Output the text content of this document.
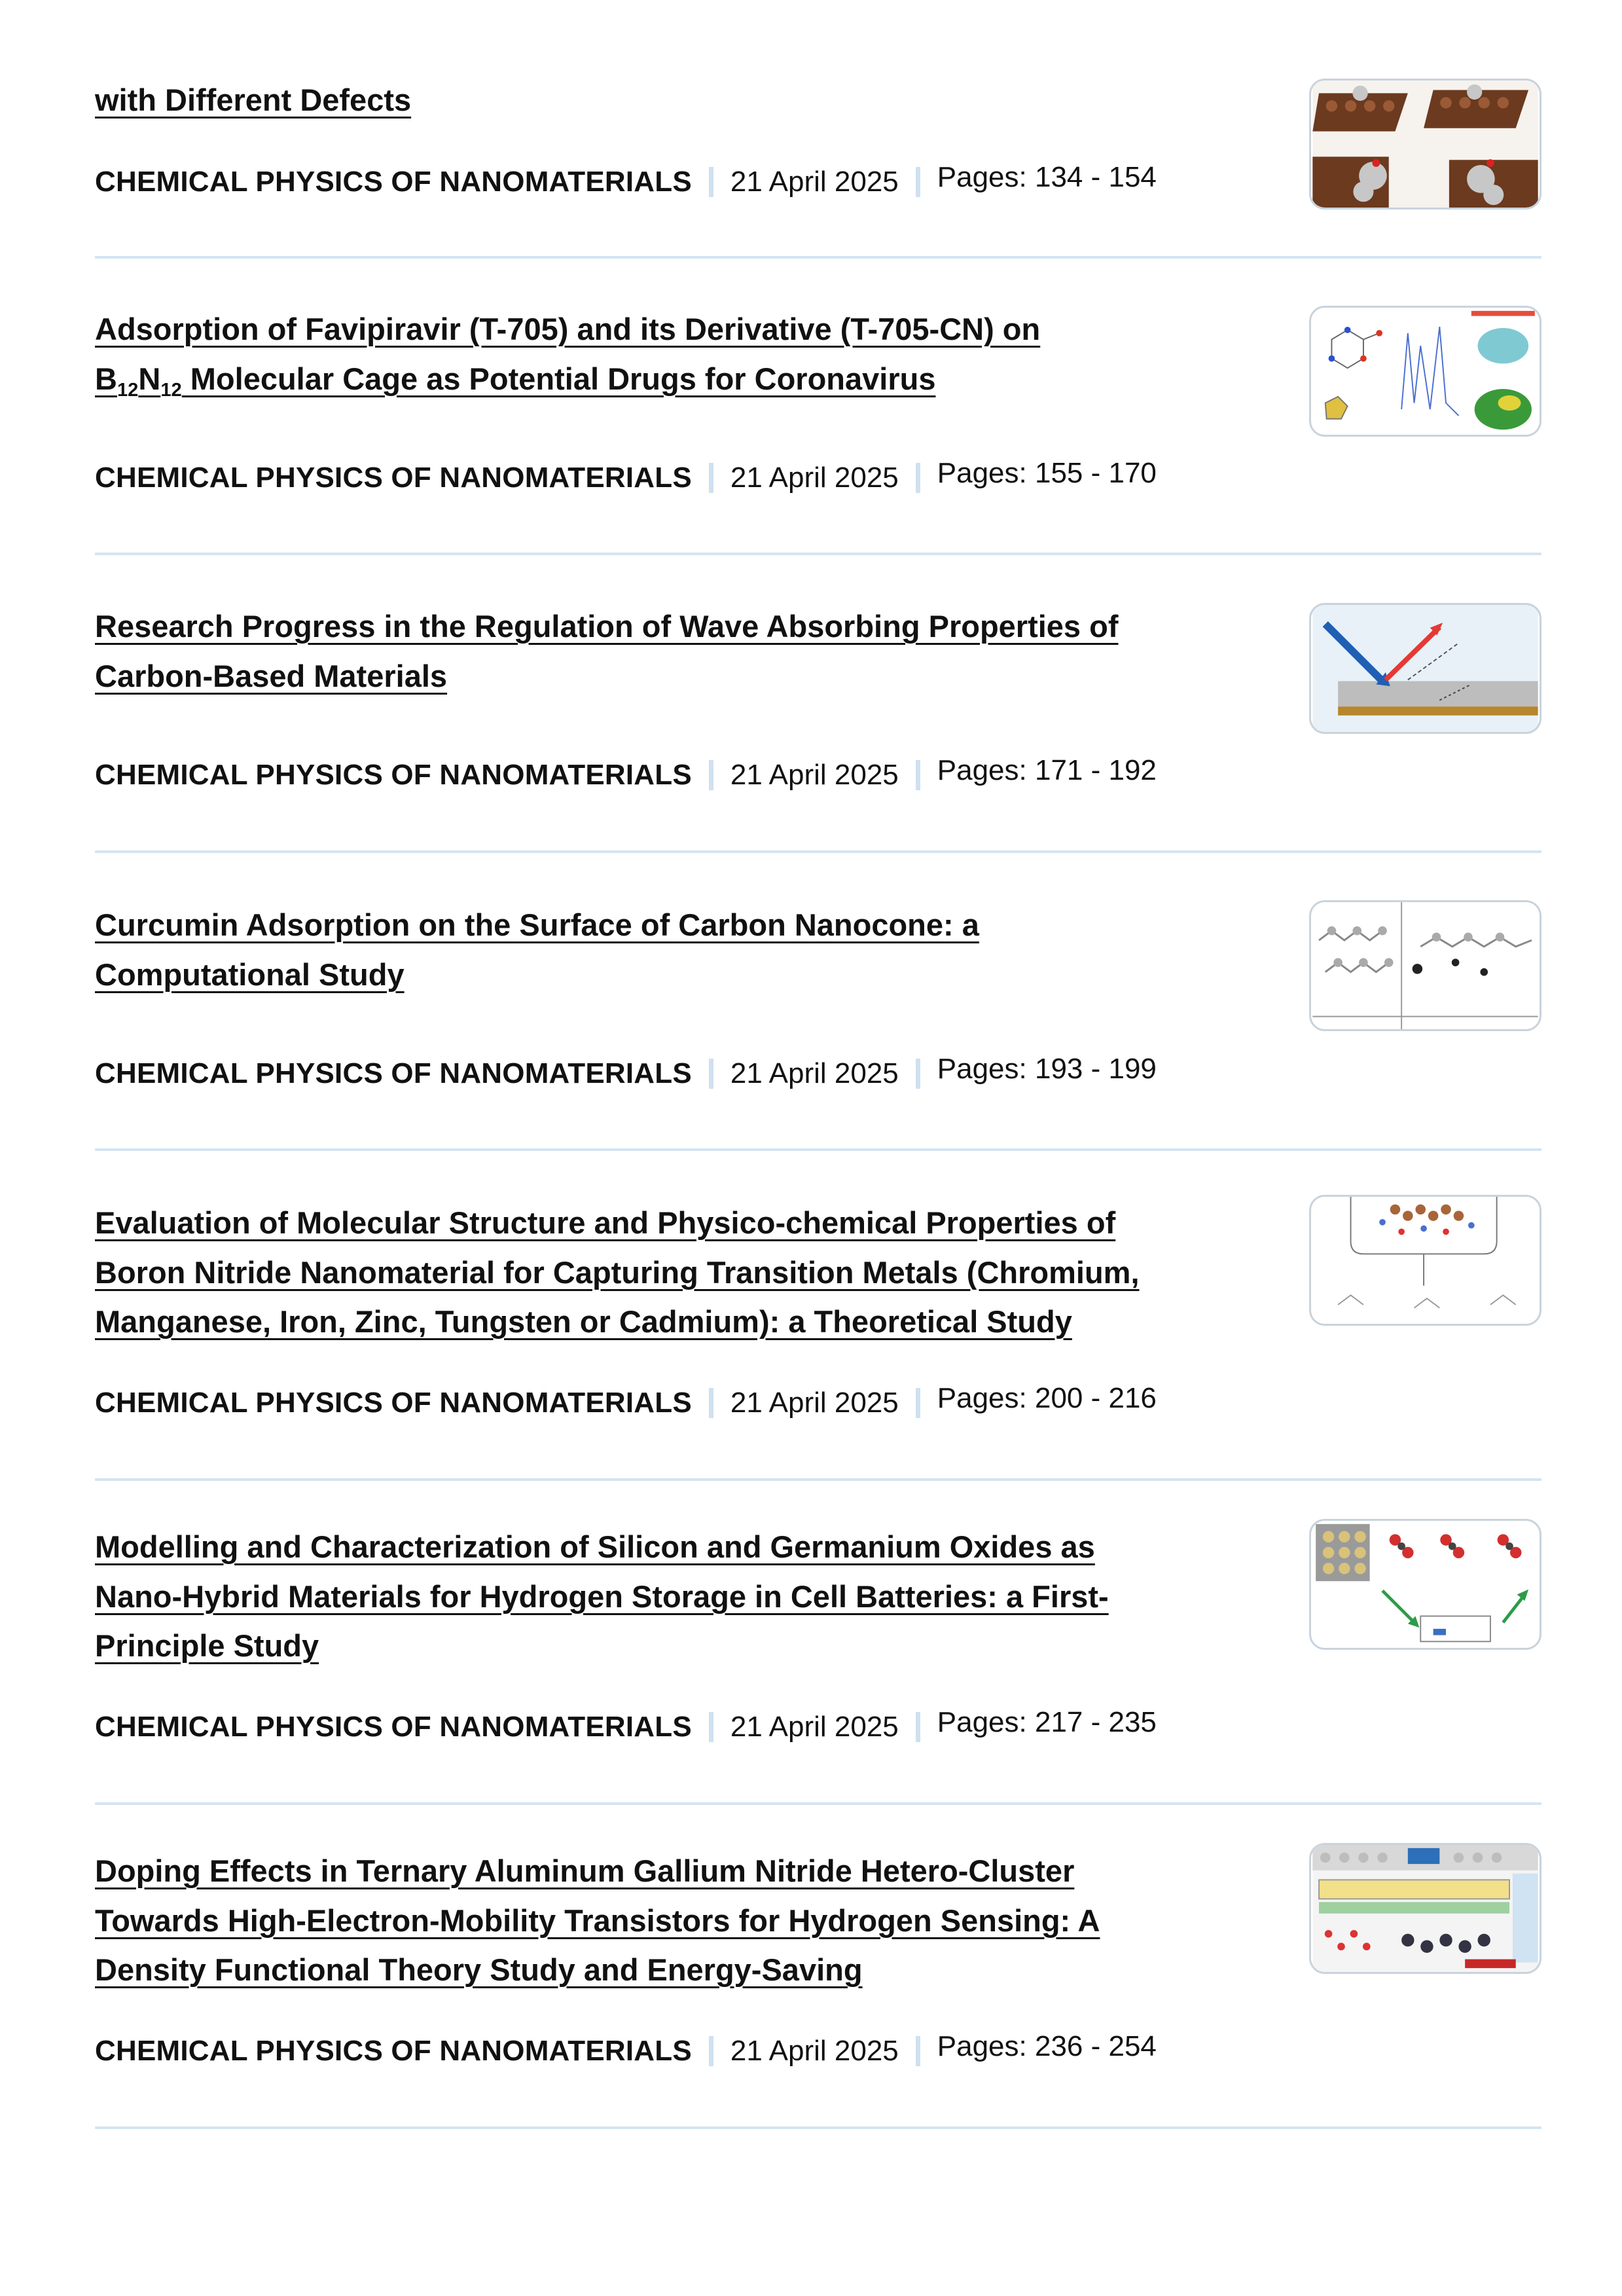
with Different Defects
CHEMICAL PHYSICS OF NANOMATERIALS 21 April 2025 Pages: 134 - 154
Adsorption of Favipiravir (T-705) and its Derivative (T-705-CN) on
$B_{12}N_{12}$ Molecular Cage as Potential Drugs for Coronavirus
CHEMICAL PHYSICS OF NANOMATERIALS 21 April 2025 Pages: 155 - 170
Research Progress in the Regulation of Wave Absorbing Properties of
Carbon-Based Materials
CHEMICAL PHYSICS OF NANOMATERIALS 21 April 2025 Pages: 171 - 192
Curcumin Adsorption on the Surface of Carbon Nanocone: a
Computational Study
CHEMICAL PHYSICS OF NANOMATERIALS 21 April 2025 Pages: 193 - 199
Evaluation of Molecular Structure and Physico-chemical Properties of
Boron Nitride Nanomaterial for Capturing Transition Metals (Chromium,
Manganese, Iron, Zinc, Tungsten or Cadmium): a Theoretical Study
CHEMICAL PHYSICS OF NANOMATERIALS 21 April 2025 Pages: 200 - 216
Modelling and Characterization of Silicon and Germanium Oxides as
Nano-Hybrid Materials for Hydrogen Storage in Cell Batteries: a First-
Principle Study
CHEMICAL PHYSICS OF NANOMATERIALS 21 April 2025 Pages: 217 - 235
Doping Effects in Ternary Aluminum Gallium Nitride Hetero-Cluster
Towards High-Electron-Mobility Transistors for Hydrogen Sensing: A
Density Functional Theory Study and Energy-Saving
CHEMICAL PHYSICS OF NANOMATERIALS 21 April 2025 Pages: 236 - 254
